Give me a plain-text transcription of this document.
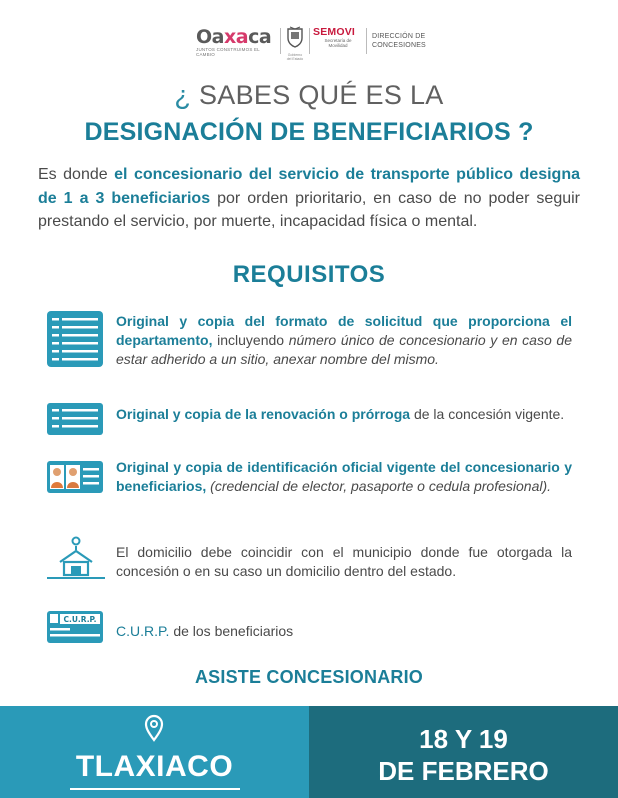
Oaxaca
JUNTOS CONSTRUIMOS EL CAMBIO	Gobierno del Estado
SEMOVI
Secretaría de
Movilidad
DIRECCIÓN DE
CONCESIONES
¿ SABES QUÉ ES LA
DESIGNACIÓN DE BENEFICIARIOS ?
Es donde el concesionario del servicio de transporte público designa de 1 a 3 beneficiarios por orden prioritario, en caso de no poder seguir prestando el servicio, por muerte, incapacidad física o mental.
REQUISITOS
Original y copia del formato de solicitud que proporciona el departamento, incluyendo número único de concesionario y en caso de estar adherido a un sitio, anexar nombre del mismo.
Original y copia de la renovación o prórroga de la concesión vigente.
Original y copia de identificación oficial vigente del concesionario y beneficiarios, (credencial de elector, pasaporte o cedula profesional).
El domicilio debe coincidir con el municipio donde fue otorgada la concesión o en su caso un domicilio dentro del estado.
C.U.R.P.
C.U.R.P. de los beneficiarios
ASISTE CONCESIONARIO
TLAXIACO
18 Y 19
DE FEBRERO
